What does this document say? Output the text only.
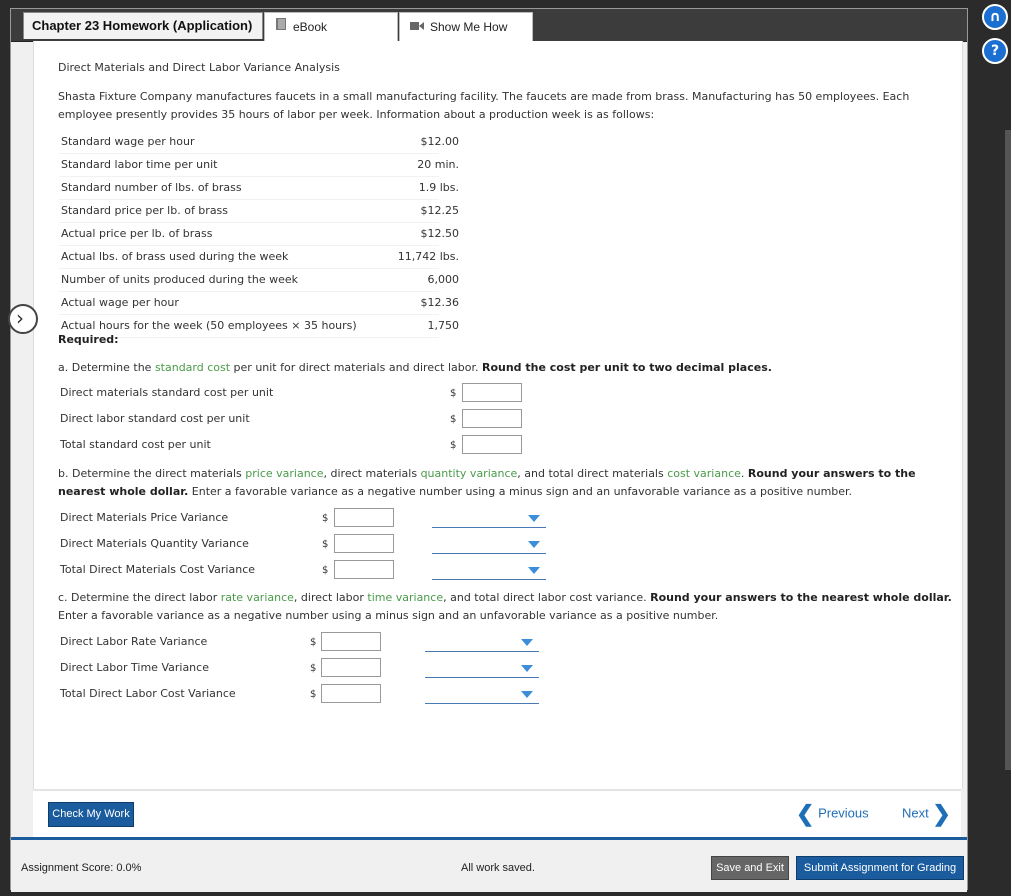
Chapter 23 Homework (Application)	eBook	Show Me How
Direct Materials and Direct Labor Variance Analysis
Shasta Fixture Company manufactures faucets in a small manufacturing facility. The faucets are made from brass. Manufacturing has 50 employees. Each employee presently provides 35 hours of labor per week. Information about a production week is as follows:
Standard wage per hour	$12.00
Standard labor time per unit	20 min.
Standard number of lbs. of brass	1.9 lbs.
Standard price per lb. of brass	$12.25
Actual price per lb. of brass	$12.50
Actual lbs. of brass used during the week	11,742 lbs.
Number of units produced during the week	6,000
Actual wage per hour	$12.36
Actual hours for the week (50 employees × 35 hours)	1,750
Required:
a. Determine the standard cost per unit for direct materials and direct labor. Round the cost per unit to two decimal places.
Direct materials standard cost per unit	$
Direct labor standard cost per unit	$
Total standard cost per unit	$
b. Determine the direct materials price variance, direct materials quantity variance, and total direct materials cost variance. Round your answers to the nearest whole dollar. Enter a favorable variance as a negative number using a minus sign and an unfavorable variance as a positive number.
Direct Materials Price Variance	$
Direct Materials Quantity Variance	$
Total Direct Materials Cost Variance	$
c. Determine the direct labor rate variance, direct labor time variance, and total direct labor cost variance. Round your answers to the nearest whole dollar. Enter a favorable variance as a negative number using a minus sign and an unfavorable variance as a positive number.
Direct Labor Rate Variance	$
Direct Labor Time Variance	$
Total Direct Labor Cost Variance	$
Check My Work	❮ Previous	Next ❯
Assignment Score: 0.0%	All work saved.	Save and Exit	Submit Assignment for Grading
›
∩
?
